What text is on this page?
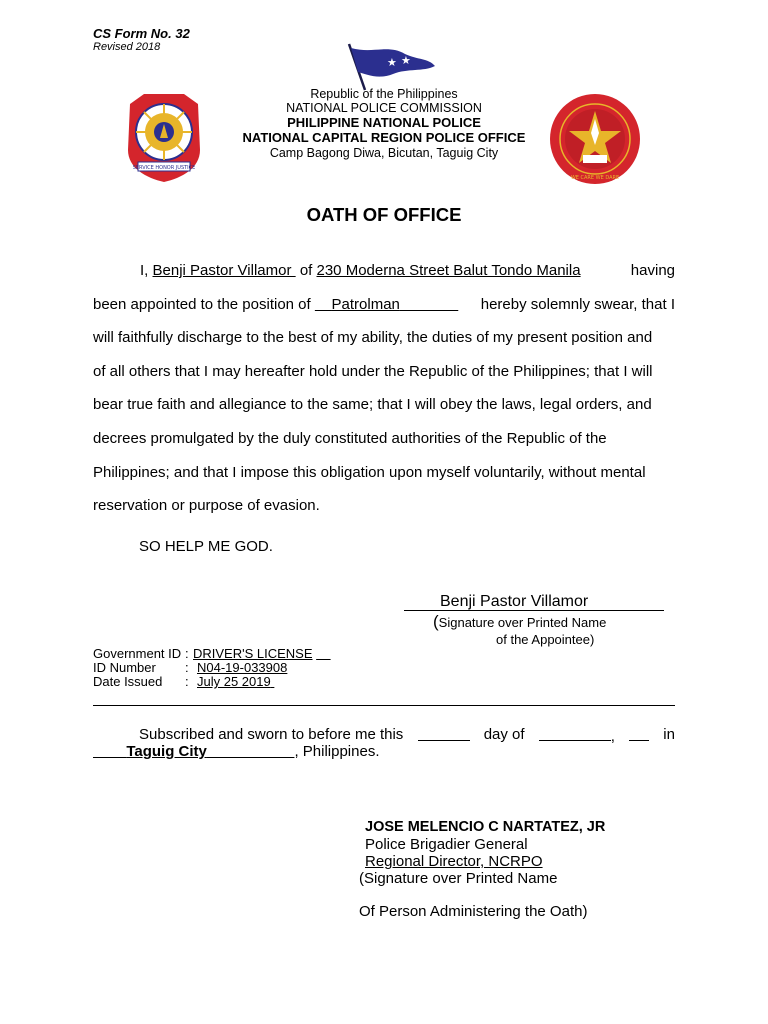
CS Form No. 32
Revised 2018
★ ★
SERVICE HONOR JUSTICE
Republic of the Philippines
NATIONAL POLICE COMMISSION
PHILIPPINE NATIONAL POLICE
NATIONAL CAPITAL REGION POLICE OFFICE
Camp Bagong Diwa, Bicutan, Taguig City
WE CARE WE DARE
OATH OF OFFICE
I, Benji Pastor Villamor  of 230 Moderna Street Balut Tondo Manila	having
been appointed to the position of Patrolman	hereby solemnly swear, that I
will faithfully discharge to the best of my ability, the duties of my present position and
of all others that I may hereafter hold under the Republic of the Philippines; that I will
bear true faith and allegiance to the same; that I will obey the laws, legal orders, and
decrees promulgated by the duly constituted authorities of the Republic of the
Philippines; and that I impose this obligation upon myself voluntarily, without mental
reservation or purpose of evasion.
SO HELP ME GOD.
Benji Pastor Villamor
(Signature over Printed Name
of the Appointee)
Government ID : DRIVER'S LICENSE
ID Number : N04-19-033908
Date Issued : July 25 2019
Subscribed and sworn to before me this	day of	,	in
Taguig City	, Philippines.
JOSE MELENCIO C NARTATEZ, JR
Police Brigadier General
Regional Director, NCRPO
(Signature over Printed Name
Of Person Administering the Oath)
